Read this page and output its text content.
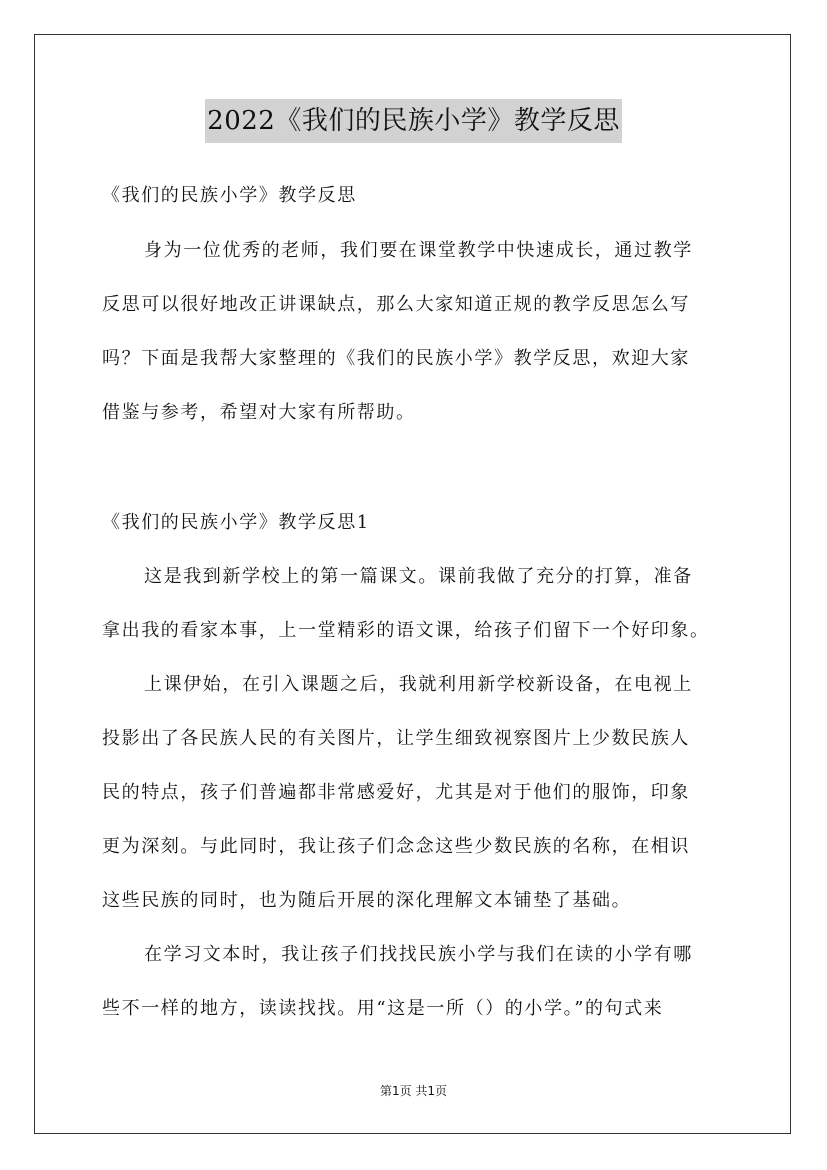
2022《我们的民族小学》教学反思
《我们的民族小学》教学反思
身为一位优秀的老师，我们要在课堂教学中快速成长，通过教学
反思可以很好地改正讲课缺点，那么大家知道正规的教学反思怎么写
吗？下面是我帮大家整理的《我们的民族小学》教学反思，欢迎大家
借鉴与参考，希望对大家有所帮助。
《我们的民族小学》教学反思1
这是我到新学校上的第一篇课文。课前我做了充分的打算，准备
拿出我的看家本事，上一堂精彩的语文课，给孩子们留下一个好印象。
上课伊始，在引入课题之后，我就利用新学校新设备，在电视上
投影出了各民族人民的有关图片，让学生细致视察图片上少数民族人
民的特点，孩子们普遍都非常感爱好，尤其是对于他们的服饰，印象
更为深刻。与此同时，我让孩子们念念这些少数民族的名称，在相识
这些民族的同时，也为随后开展的深化理解文本铺垫了基础。
在学习文本时，我让孩子们找找民族小学与我们在读的小学有哪
些不一样的地方，读读找找。用“这是一所（）的小学。”的句式来
第1页 共1页
